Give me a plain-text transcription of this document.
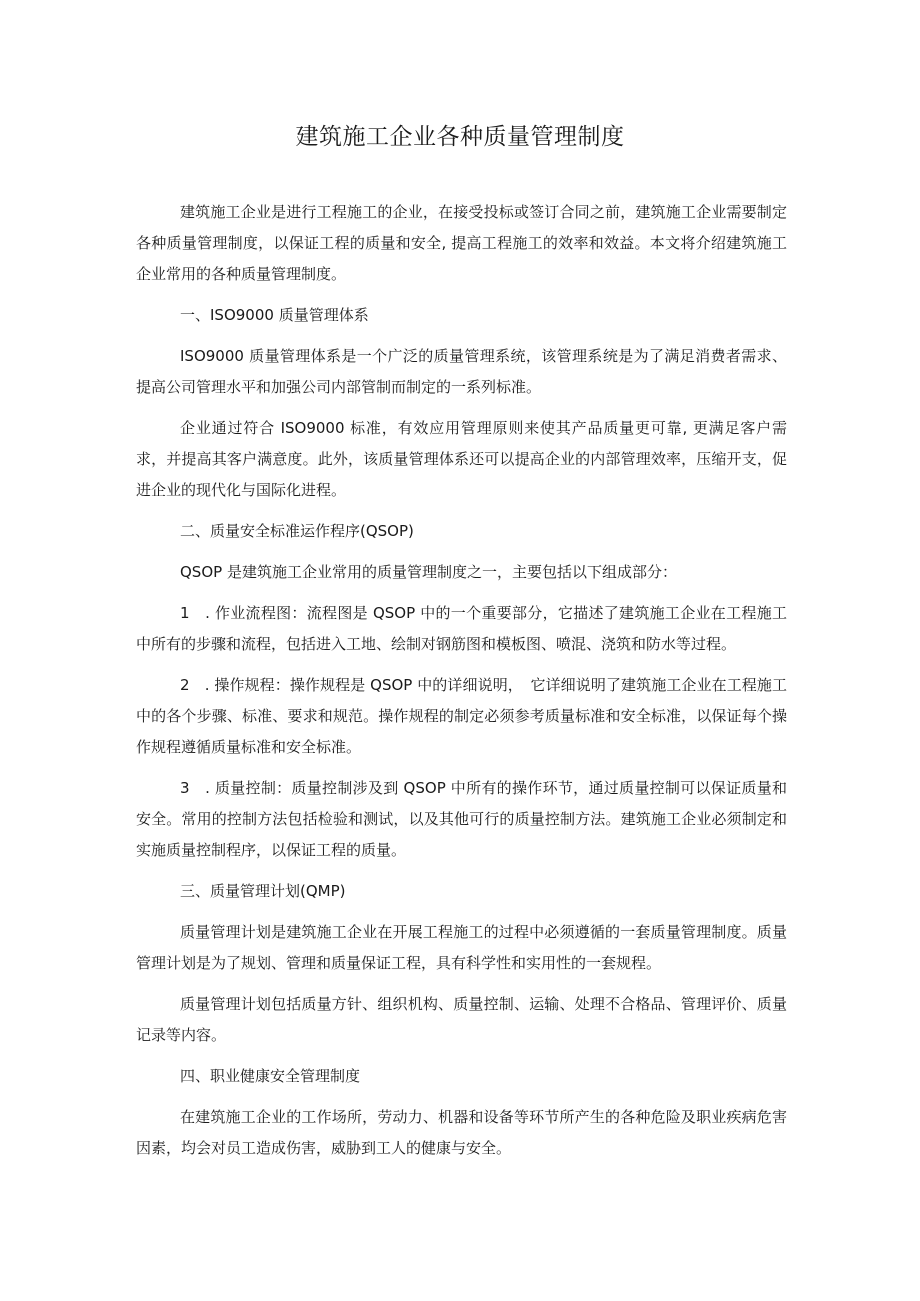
建筑施工企业各种质量管理制度

建筑施工企业是进行工程施工的企业，在接受投标或签订合同之前，建筑施工企业需要制定各种质量管理制度，以保证工程的质量和安全, 提高工程施工的效率和效益。本文将介绍建筑施工企业常用的各种质量管理制度。

一、ISO9000 质量管理体系

ISO9000 质量管理体系是一个广泛的质量管理系统，该管理系统是为了满足消费者需求、提高公司管理水平和加强公司内部管制而制定的一系列标准。

企业通过符合 ISO9000 标准，有效应用管理原则来使其产品质量更可靠, 更满足客户需求，并提高其客户满意度。此外，该质量管理体系还可以提高企业的内部管理效率，压缩开支，促进企业的现代化与国际化进程。

二、质量安全标准运作程序(QSOP)

QSOP 是建筑施工企业常用的质量管理制度之一，主要包括以下组成部分：

1　. 作业流程图：流程图是 QSOP 中的一个重要部分，它描述了建筑施工企业在工程施工中所有的步骤和流程，包括进入工地、绘制对钢筋图和模板图、喷混、浇筑和防水等过程。

2　. 操作规程：操作规程是 QSOP 中的详细说明，　它详细说明了建筑施工企业在工程施工中的各个步骤、标准、要求和规范。操作规程的制定必须参考质量标准和安全标准，以保证每个操作规程遵循质量标准和安全标准。

3　. 质量控制：质量控制涉及到 QSOP 中所有的操作环节，通过质量控制可以保证质量和安全。常用的控制方法包括检验和测试，以及其他可行的质量控制方法。建筑施工企业必须制定和实施质量控制程序，以保证工程的质量。

三、质量管理计划(QMP)

质量管理计划是建筑施工企业在开展工程施工的过程中必须遵循的一套质量管理制度。质量管理计划是为了规划、管理和质量保证工程，具有科学性和实用性的一套规程。

质量管理计划包括质量方针、组织机构、质量控制、运输、处理不合格品、管理评价、质量记录等内容。

四、职业健康安全管理制度

在建筑施工企业的工作场所，劳动力、机器和设备等环节所产生的各种危险及职业疾病危害因素，均会对员工造成伤害，威胁到工人的健康与安全。
